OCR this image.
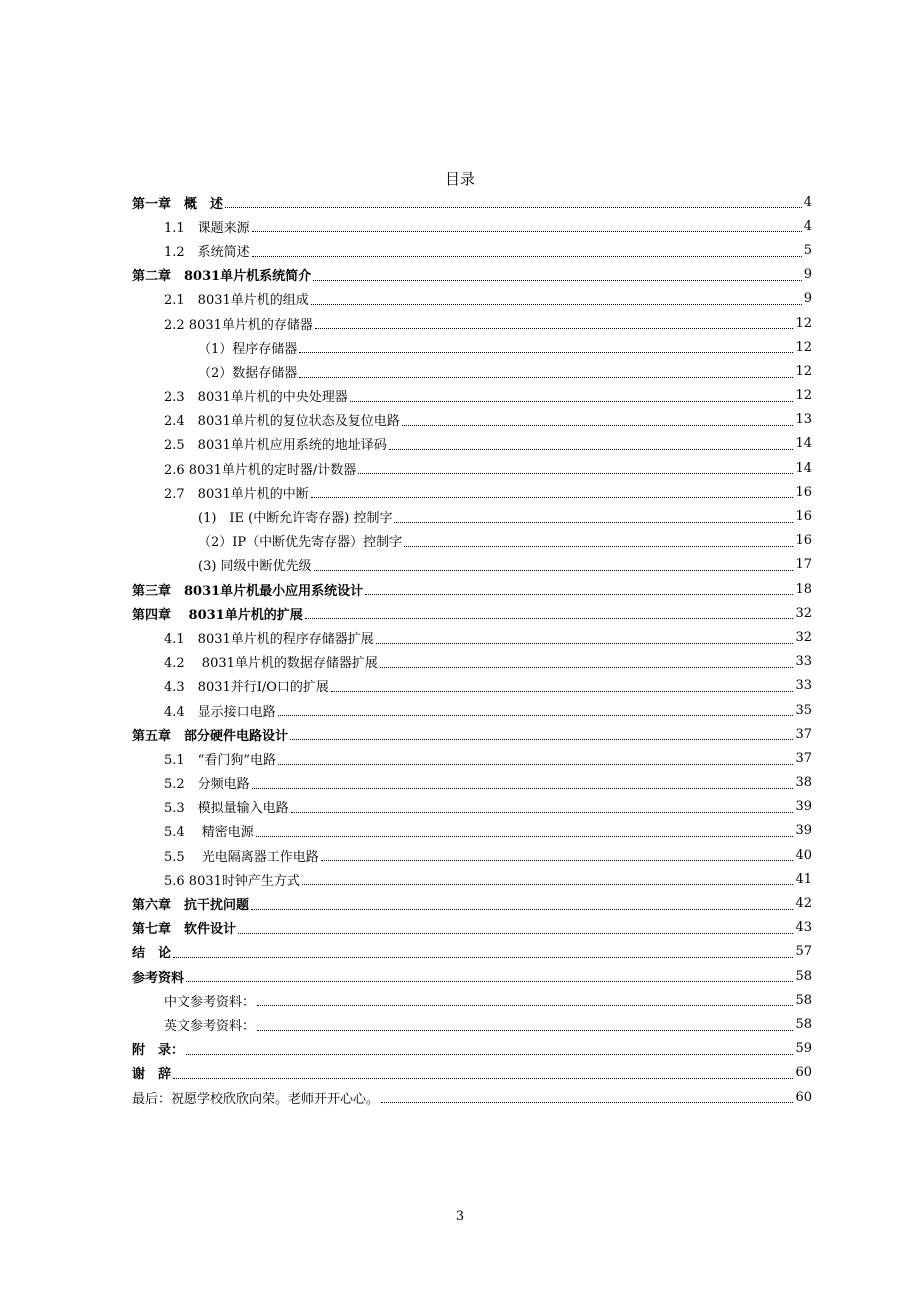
目录
第一章　概　述	4
1.1　课题来源	4
1.2　系统简述	5
第二章　8031单片机系统简介	9
2.1　8031单片机的组成	9
2.2 8031单片机的存储器	12
（1）程序存储器	12
（2）数据存储器	12
2.3　8031单片机的中央处理器	12
2.4　8031单片机的复位状态及复位电路	13
2.5　8031单片机应用系统的地址译码	14
2.6 8031单片机的定时器/计数器	14
2.7　8031单片机的中断	16
(1)　IE (中断允许寄存器) 控制字	16
（2）IP（中断优先寄存器）控制字	16
(3) 同级中断优先级	17
第三章　8031单片机最小应用系统设计	18
第四章　 8031单片机的扩展	32
4.1　8031单片机的程序存储器扩展	32
4.2　 8031单片机的数据存储器扩展	33
4.3　8031并行I/O口的扩展	33
4.4　显示接口电路	35
第五章　部分硬件电路设计	37
5.1　“看门狗”电路	37
5.2　分频电路	38
5.3　模拟量输入电路	39
5.4　 精密电源	39
5.5　 光电隔离器工作电路	40
5.6 8031时钟产生方式	41
第六章　抗干扰问题	42
第七章　软件设计	43
结　论	57
参考资料	58
中文参考资料：	58
英文参考资料：	58
附　录：	59
谢　辞	60
最后：祝愿学校欣欣向荣。老师开开心心。	60
3
